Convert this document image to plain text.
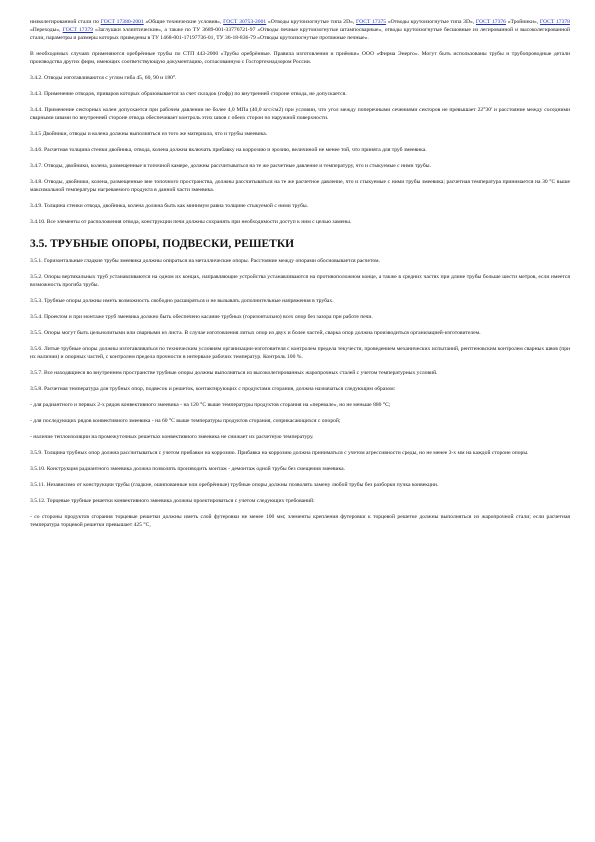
низколегированной стали по ГОСТ 17380-2001 «Общие технические условия», ГОСТ 30753-2001 «Отводы крутоизогнутые типа 2D», ГОСТ 17375 «Отводы крутоизогнутые типа 3D», ГОСТ 17376 «Тройники», ГОСТ 17378 «Переходы», ГОСТ 17379 «Заглушки эллиптические», а также по ТУ 3689-001-33776721-97 «Отводы печные крутоизогнутые штампосварные», отводы крутоизогнутые бесшовные из легированной и высоколегированной стали, параметры и размеры которых приведены в ТУ 1468-001-17197736-01, ТУ 36-18-836-79 «Отводы крутоизогнутые протяжные печные».

В необходимых случаях применяются оребрённые трубы по СТП 443-2000 «Трубы оребрённые. Правила изготовления и приёмки» ООО «Фирма Энерго». Могут быть использованы трубы и трубопроводные детали производства других фирм, имеющих соответствующую документацию, согласованную с Госгортехнадзором России.

3.4.2. Отводы изготавливаются с углом гиба 45, 60, 90 и 180°.

3.4.3. Применение отводов, приваров которых образовывается за счет складок (гофр) по внутренней стороне отвода, не допускается.

3.4.4. Применение секторных колен допускается при рабочем давлении не более 4,0 МПа (40,0 кгс/см2) при условии, что угол между поперечными сечениями секторов не превышает 22°30' и расстояние между соседними сварными швами по внутренней стороне отвода обеспечивает контроль этих швов с обеих сторон по наружной поверхности.

3.4.5 Двойники, отводы и колена должны выполняться из того же материала, что и трубы змеевика.

3.4.6. Расчетная толщина стенки двойника, отвода, колена должна включать прибавку на коррозию и эрозию, величиной не менее той, что принята для труб змеевика.

3.4.7. Отводы, двойники, колена, размещенные в топочной камере, должны рассчитываться на те же расчетные давление и температуру, что и стыкуемые с ними трубы.

3.4.8. Отводы, двойники, колена, размещенные вне топочного пространства, должны рассчитываться на те же расчетное давление, что и стыкуемые с ними трубы змеевика; расчетная температура принимается на 30 °С выше максимальной температуры нагреваемого продукта в данной части змеевика.

3.4.9. Толщина стенки отвода, двойника, колена должна быть как минимум равна толщине стыкуемой с ними трубы.

3.4.10. Все элементы от расположения отвода, конструкции печи должны сохранять при необходимости доступ к ним с целью замены.

3.5. ТРУБНЫЕ ОПОРЫ, ПОДВЕСКИ, РЕШЕТКИ

3.5.1. Горизонтальные гладкие трубы змеевика должны опираться на металлические опоры. Расстояние между опорами обосновывается расчетом.

3.5.2. Опоры вертикальных труб устанавливаются на одном их концах, направляющие устройства устанавливаются на противоположном конце, а также в средних частях при длине трубы больше шести метров, если имеется возможность прогиба трубы.

3.5.3. Трубные опоры должны иметь возможность свободно расширяться и не вызывать дополнительные напряжения в трубах.

3.5.4. Проектом и при монтаже труб змеевика должно быть обеспечено касание трубных (горизонтально) всех опор без зазора при работе печи.

3.5.5. Опоры могут быть цельнолитыми или сварными из листа. В случае изготовления литых опор из двух и более частей, сварка опор должна производиться организацией-изготовителем.

3.5.6. Литые трубные опоры должны изготавливаться по техническим условиям организации-изготовителя с контролем предела текучести, проведением механических испытаний, рентгеновским контролем сварных швов (при их наличии) и опорных частей, с контролем предела прочности в интервале рабочих температур. Контроль 100 %.

3.5.7. Все находящиеся во внутреннем пространстве трубные опоры должны выполняться из высоколегированных жаропрочных сталей с учетом температурных условий.

3.5.8. Расчетная температура для трубных опор, подвесок и решеток, контактирующих с продуктами сгорания, должна назначаться следующим образом:

- для радиантного и первых 2-х рядов конвективного змеевика - на 120 °С выше температуры продуктов сгорания на «перевале», но не меньше 880 °С;

- для последующих рядов конвективного змеевика - на 60 °С выше температуры продуктов сгорания, соприкасающихся с опорой;

- наличие теплоизоляции на промежуточных решетках конвективного змеевика не снижает их расчетную температуру.

3.5.9. Толщина трубных опор должна рассчитываться с учетом прибавки на коррозию. Прибавка на коррозию должна приниматься с учетом агрессивности среды, но не менее 3-х мм на каждой стороне опоры.

3.5.10. Конструкция радиантного змеевика должна позволять производить монтаж - демонтаж одной трубы без смещения змеевика.

3.5.11. Независимо от конструкции трубы (гладкие, ошипованные или оребрённые) трубные опоры должны позволять замену любой трубы без разборки пучка конвекции.

3.5.12. Торцевые трубные решетки конвективного змеевика должны проектироваться с учетом следующих требований:

- со стороны продуктов сгорания торцевые решетки должны иметь слой футеровки не менее 100 мм; элементы крепления футеровки к торцевой решетке должны выполняться из жаропрочной стали; если расчетная температура торцевой решетки превышает 425 °С,
